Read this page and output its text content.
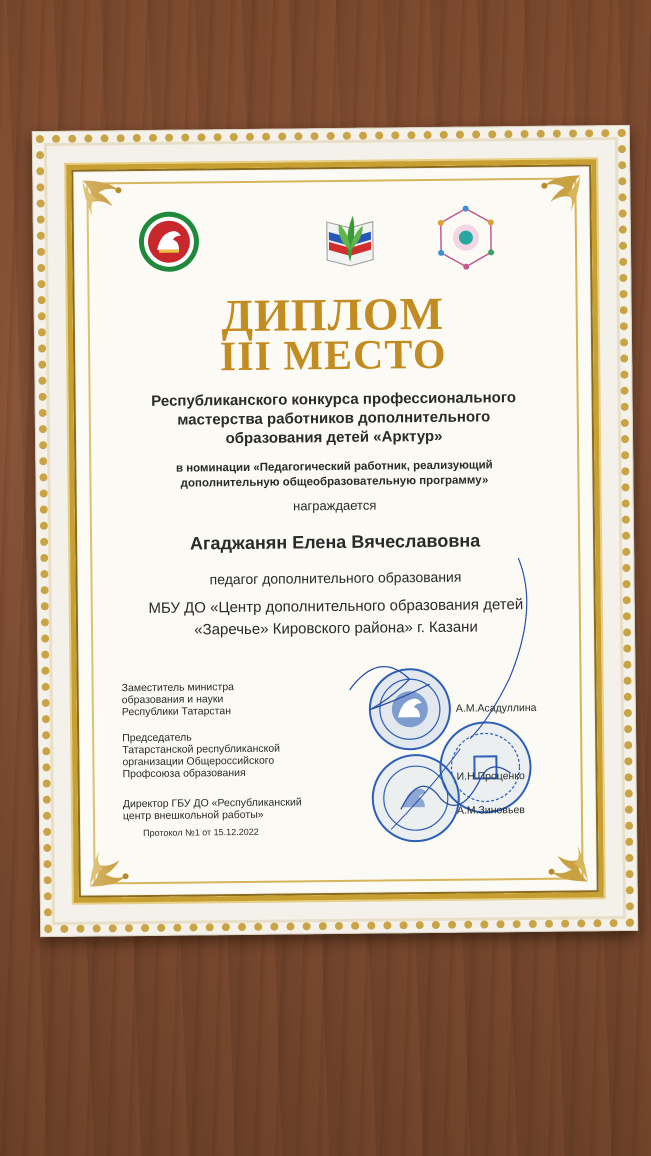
ДИПЛОМ
III МЕСТО
Республиканского конкурса профессионального
мастерства работников дополнительного
образования детей «Арктур»
в номинации «Педагогический работник, реализующий
дополнительную общеобразовательную программу»
награждается
Агаджанян Елена Вячеславовна
педагог дополнительного образования
МБУ ДО «Центр дополнительного образования детей
«Заречье» Кировского района» г. Казани
Заместитель министра
образования и науки
Республики Татарстан
Председатель
Татарстанской республиканской
организации Общероссийского
Профсоюза образования
Директор ГБУ ДО «Республиканский
центр внешкольной работы»
Протокол №1 от 15.12.2022
А.М.Асадуллина
И.Н.Проценко
А.М.Зиновьев
